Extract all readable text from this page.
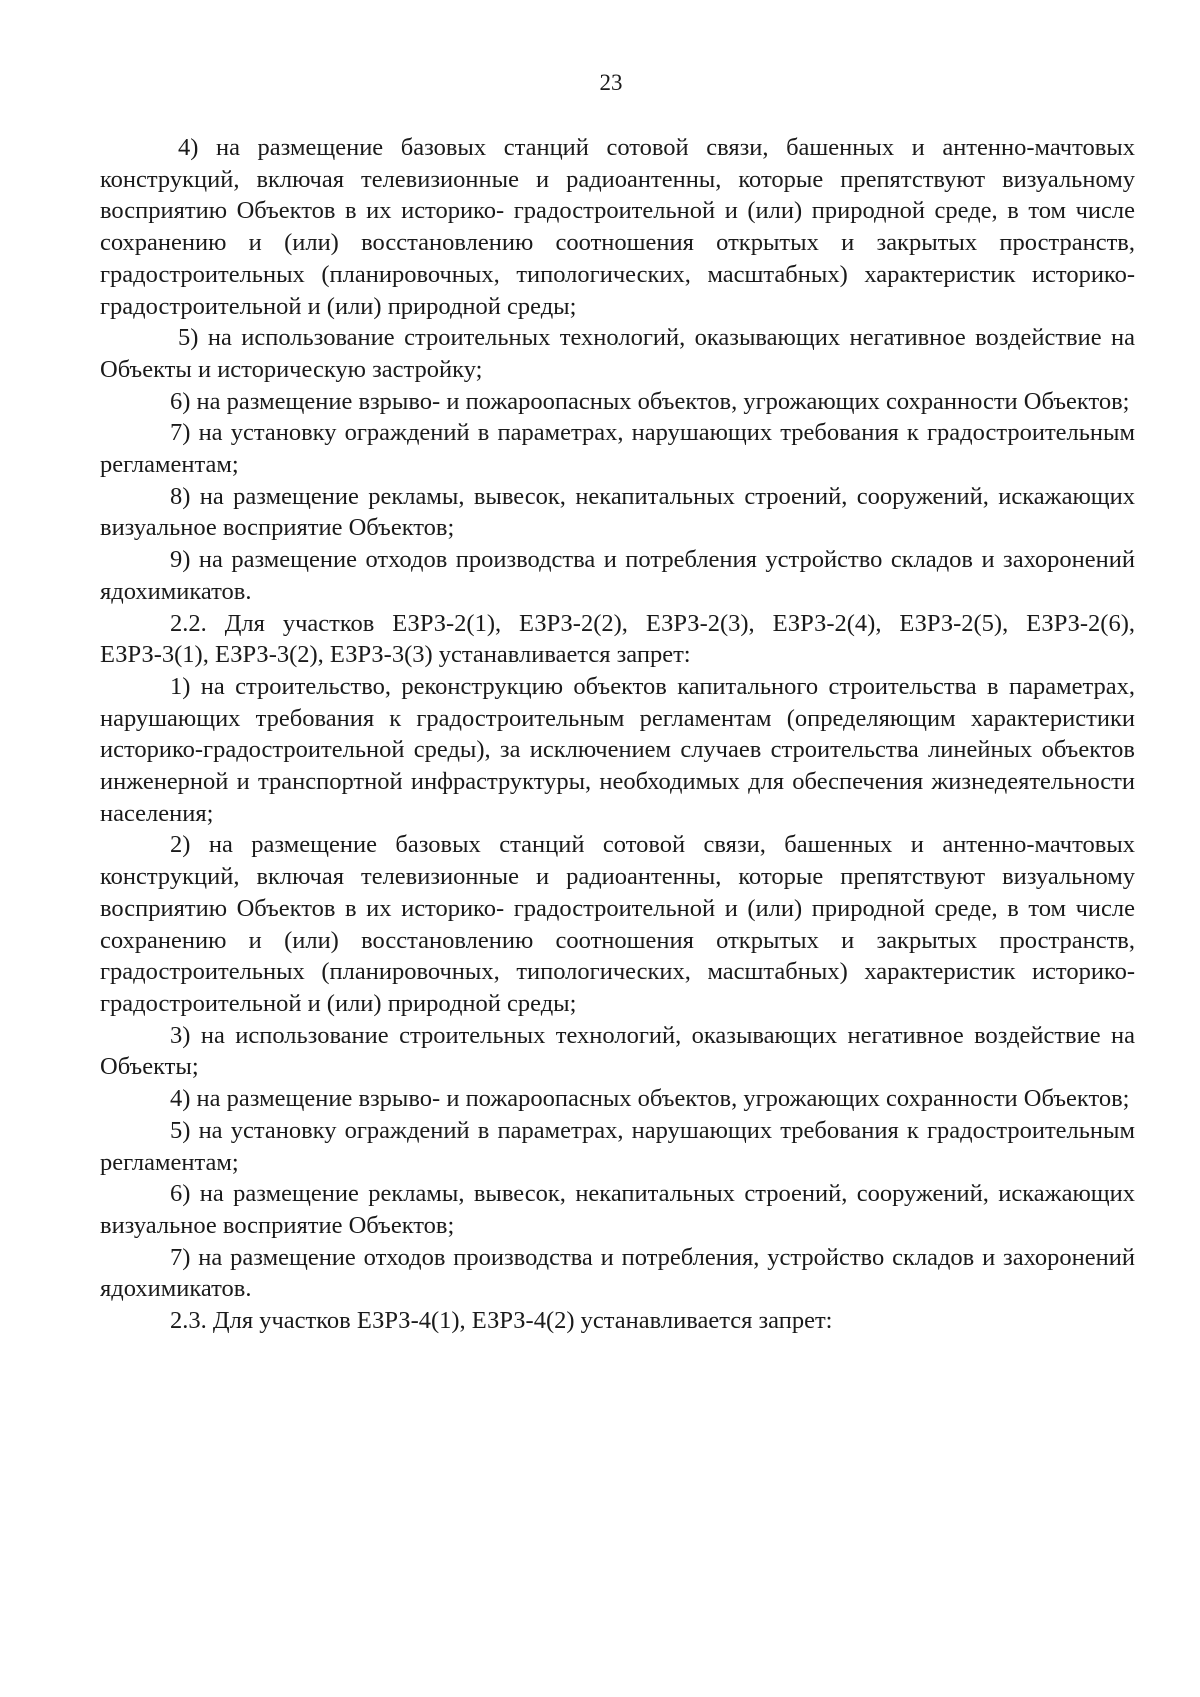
23

4) на размещение базовых станций сотовой связи, башенных и антенно-мачтовых конструкций, включая телевизионные и радиоантенны, которые препятствуют визуальному восприятию Объектов в их историко- градостроительной и (или) природной среде, в том числе сохранению и (или) восстановлению соотношения открытых и закрытых пространств, градостроительных (планировочных, типологических, масштабных) характеристик историко-градостроительной и (или) природной среды;

5) на использование строительных технологий, оказывающих негативное воздействие на Объекты и историческую застройку;

6) на размещение взрыво- и пожароопасных объектов, угрожающих сохранности Объектов;

7) на установку ограждений в параметрах, нарушающих требования к градостроительным регламентам;

8) на размещение рекламы, вывесок, некапитальных строений, сооружений, искажающих визуальное восприятие Объектов;

9) на размещение отходов производства и потребления устройство складов и захоронений ядохимикатов.

2.2. Для участков ЕЗРЗ-2(1), ЕЗРЗ-2(2), ЕЗРЗ-2(3), ЕЗРЗ-2(4), ЕЗРЗ-2(5), ЕЗРЗ-2(6), ЕЗРЗ-3(1), ЕЗРЗ-3(2), ЕЗРЗ-3(3) устанавливается запрет:

1) на строительство, реконструкцию объектов капитального строительства в параметрах, нарушающих требования к градостроительным регламентам (определяющим характеристики историко-градостроительной среды), за исключением случаев строительства линейных объектов инженерной и транспортной инфраструктуры, необходимых для обеспечения жизнедеятельности населения;

2) на размещение базовых станций сотовой связи, башенных и антенно-мачтовых конструкций, включая телевизионные и радиоантенны, которые препятствуют визуальному восприятию Объектов в их историко- градостроительной и (или) природной среде, в том числе сохранению и (или) восстановлению соотношения открытых и закрытых пространств, градостроительных (планировочных, типологических, масштабных) характеристик историко-градостроительной и (или) природной среды;

3) на использование строительных технологий, оказывающих негативное воздействие на Объекты;

4) на размещение взрыво- и пожароопасных объектов, угрожающих сохранности Объектов;

5) на установку ограждений в параметрах, нарушающих требования к градостроительным регламентам;

6) на размещение рекламы, вывесок, некапитальных строений, сооружений, искажающих визуальное восприятие Объектов;

7) на размещение отходов производства и потребления, устройство складов и захоронений ядохимикатов.

2.3. Для участков ЕЗРЗ-4(1), ЕЗРЗ-4(2) устанавливается запрет:
